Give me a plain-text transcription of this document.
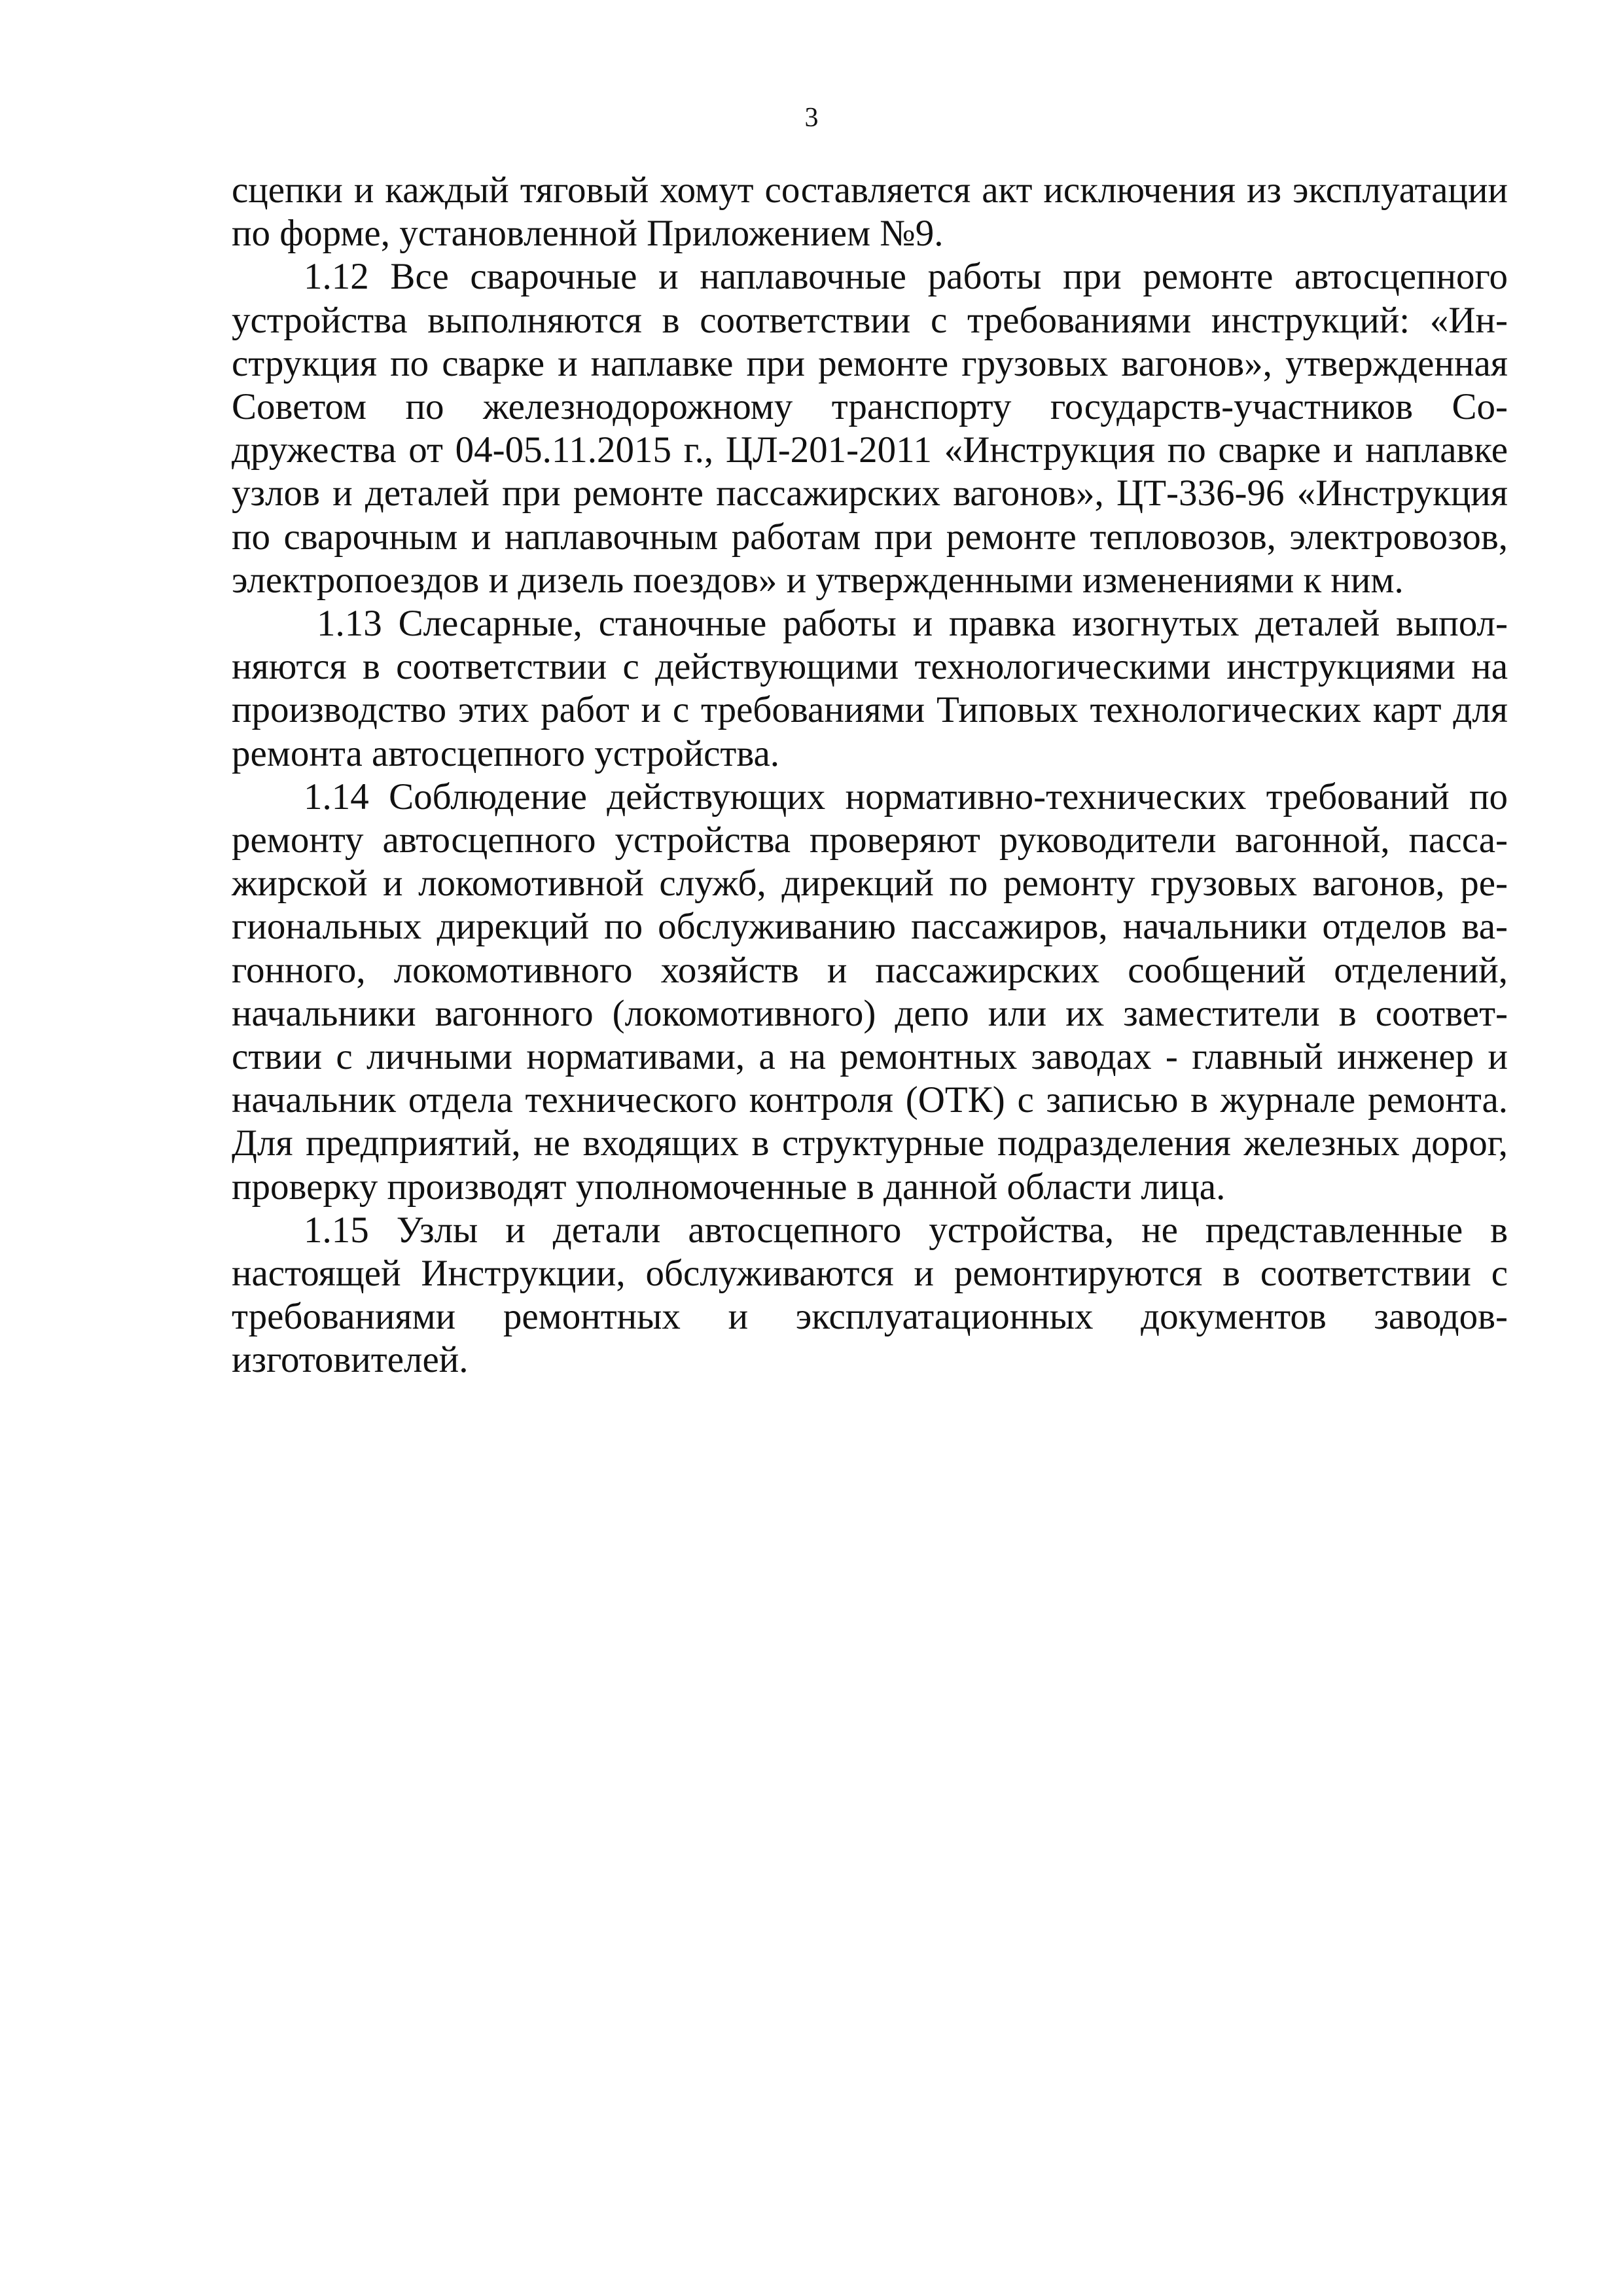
3

сцепки и каждый тяговый хомут составляется акт исключения из эксплуатации по форме, установленной Приложением №9.

1.12 Все сварочные и наплавочные работы при ремонте автосцепного устройства выполняются в соответствии с требованиями инструкций: «Инструкция по сварке и наплавке при ремонте грузовых вагонов», утвержденная Советом по железнодорожному транспорту государств-участников Содружества от 04-05.11.2015 г., ЦЛ-201-2011 «Инструкция по сварке и наплавке узлов и деталей при ремонте пассажирских вагонов», ЦТ-336-96 «Инструкция по сварочным и наплавочным работам при ремонте тепловозов, электровозов, электропоездов и дизель поездов» и утвержденными изменениями к ним.

1.13 Слесарные, станочные работы и правка изогнутых деталей выполняются в соответствии с действующими технологическими инструкциями на производство этих работ и с требованиями Типовых технологических карт для ремонта автосцепного устройства.

1.14 Соблюдение действующих нормативно-технических требований по ремонту автосцепного устройства проверяют руководители вагонной, пассажирской и локомотивной служб, дирекций по ремонту грузовых вагонов, региональных дирекций по обслуживанию пассажиров, начальники отделов вагонного, локомотивного хозяйств и пассажирских сообщений отделений, начальники вагонного (локомотивного) депо или их заместители в соответствии с личными нормативами, а на ремонтных заводах - главный инженер и начальник отдела технического контроля (ОТК) с записью в журнале ремонта. Для предприятий, не входящих в структурные подразделения железных дорог, проверку производят уполномоченные в данной области лица.

1.15 Узлы и детали автосцепного устройства, не представленные в настоящей Инструкции, обслуживаются и ремонтируются в соответствии с требованиями ремонтных и эксплуатационных документов заводов-изготовителей.
